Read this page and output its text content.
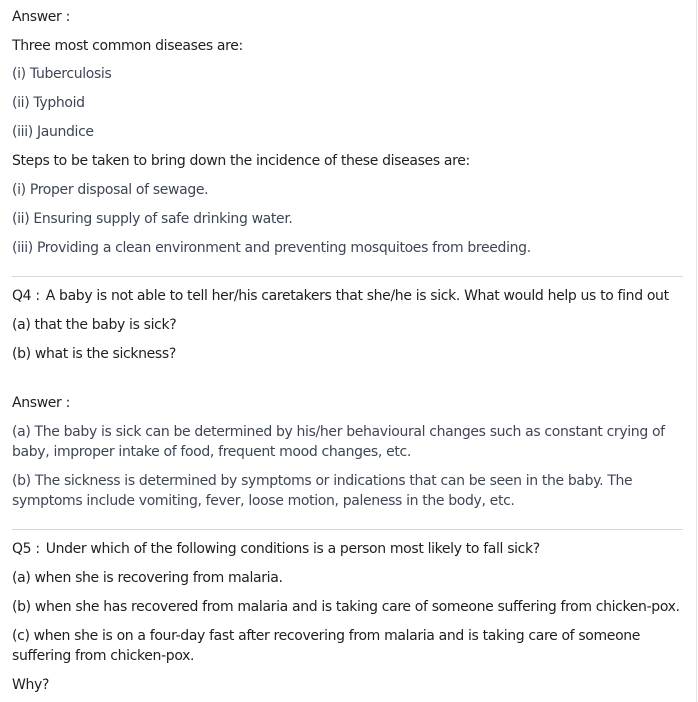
Answer :
Three most common diseases are:
(i) Tuberculosis
(ii) Typhoid
(iii) Jaundice
Steps to be taken to bring down the incidence of these diseases are:
(i) Proper disposal of sewage.
(ii) Ensuring supply of safe drinking water.
(iii) Providing a clean environment and preventing mosquitoes from breeding.
Q4 : A baby is not able to tell her/his caretakers that she/he is sick. What would help us to find out
(a) that the baby is sick?
(b) what is the sickness?
Answer :
(a) The baby is sick can be determined by his/her behavioural changes such as constant crying of baby, improper intake of food, frequent mood changes, etc.
(b) The sickness is determined by symptoms or indications that can be seen in the baby. The symptoms include vomiting, fever, loose motion, paleness in the body, etc.
Q5 : Under which of the following conditions is a person most likely to fall sick?
(a) when she is recovering from malaria.
(b) when she has recovered from malaria and is taking care of someone suffering from chicken-pox.
(c) when she is on a four-day fast after recovering from malaria and is taking care of someone suffering from chicken-pox.
Why?
